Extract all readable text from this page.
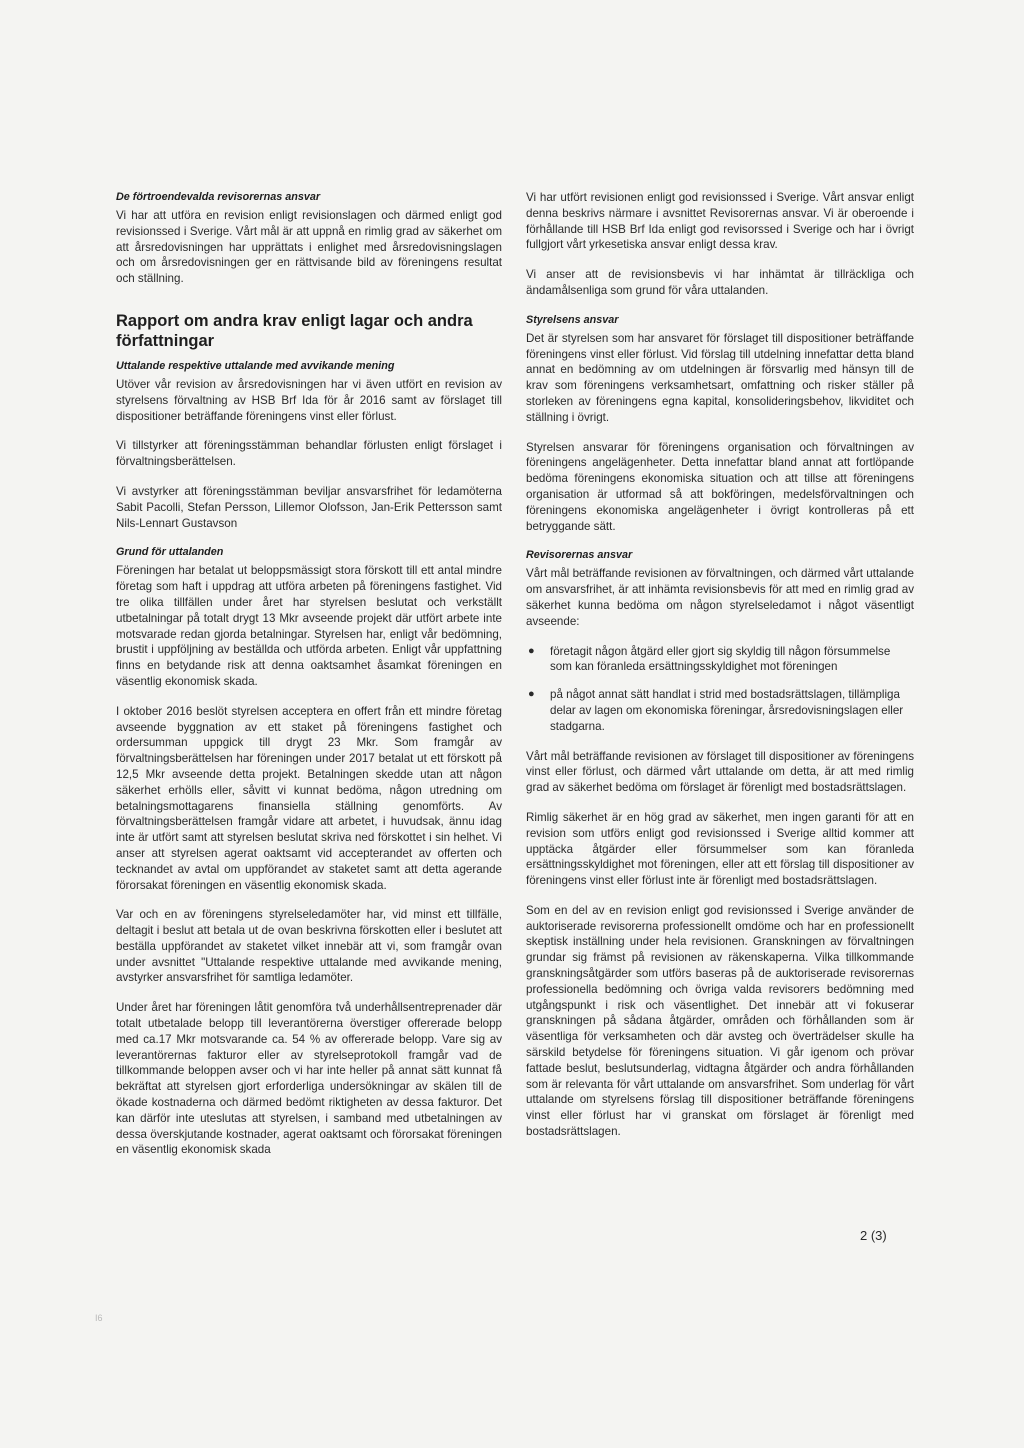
De förtroendevalda revisorernas ansvar

Vi har att utföra en revision enligt revisionslagen och därmed enligt god revisionssed i Sverige. Vårt mål är att uppnå en rimlig grad av säkerhet om att årsredovisningen har upprättats i enlighet med årsredovisningslagen och om årsredovisningen ger en rättvisande bild av föreningens resultat och ställning.

Rapport om andra krav enligt lagar och andra författningar
Uttalande respektive uttalande med avvikande mening

Utöver vår revision av årsredovisningen har vi även utfört en revision av styrelsens förvaltning av HSB Brf Ida för år 2016 samt av förslaget till dispositioner beträffande föreningens vinst eller förlust.

Vi tillstyrker att föreningsstämman behandlar förlusten enligt förslaget i förvaltningsberättelsen.

Vi avstyrker att föreningsstämman beviljar ansvarsfrihet för ledamöterna Sabit Pacolli, Stefan Persson, Lillemor Olofsson, Jan-Erik Pettersson samt Nils-Lennart Gustavson

Grund för uttalanden

Föreningen har betalat ut beloppsmässigt stora förskott till ett antal mindre företag som haft i uppdrag att utföra arbeten på föreningens fastighet. Vid tre olika tillfällen under året har styrelsen beslutat och verkställt utbetalningar på totalt drygt 13 Mkr avseende projekt där utfört arbete inte motsvarade redan gjorda betalningar. Styrelsen har, enligt vår bedömning, brustit i uppföljning av beställda och utförda arbeten. Enligt vår uppfattning finns en betydande risk att denna oaktsamhet åsamkat föreningen en väsentlig ekonomisk skada.

I oktober 2016 beslöt styrelsen acceptera en offert från ett mindre företag avseende byggnation av ett staket på föreningens fastighet och ordersumman uppgick till drygt 23 Mkr. Som framgår av förvaltningsberättelsen har föreningen under 2017 betalat ut ett förskott på 12,5 Mkr avseende detta projekt. Betalningen skedde utan att någon säkerhet erhölls eller, såvitt vi kunnat bedöma, någon utredning om betalningsmottagarens finansiella ställning genomförts. Av förvaltningsberättelsen framgår vidare att arbetet, i huvudsak, ännu idag inte är utfört samt att styrelsen beslutat skriva ned förskottet i sin helhet. Vi anser att styrelsen agerat oaktsamt vid accepterandet av offerten och tecknandet av avtal om uppförandet av staketet samt att detta agerande förorsakat föreningen en väsentlig ekonomisk skada.

Var och en av föreningens styrelseledamöter har, vid minst ett tillfälle, deltagit i beslut att betala ut de ovan beskrivna förskotten eller i beslutet att beställa uppförandet av staketet vilket innebär att vi, som framgår ovan under avsnittet "Uttalande respektive uttalande med avvikande mening, avstyrker ansvarsfrihet för samtliga ledamöter.

Under året har föreningen låtit genomföra två underhållsentreprenader där totalt utbetalade belopp till leverantörerna överstiger offererade belopp med ca.17 Mkr motsvarande ca. 54 % av offererade belopp. Vare sig av leverantörernas fakturor eller av styrelseprotokoll framgår vad de tillkommande beloppen avser och vi har inte heller på annat sätt kunnat få bekräftat att styrelsen gjort erforderliga undersökningar av skälen till de ökade kostnaderna och därmed bedömt riktigheten av dessa fakturor. Det kan därför inte uteslutas att styrelsen, i samband med utbetalningen av dessa överskjutande kostnader, agerat oaktsamt och förorsakat föreningen en väsentlig ekonomisk skada

Vi har utfört revisionen enligt god revisionssed i Sverige. Vårt ansvar enligt denna beskrivs närmare i avsnittet Revisorernas ansvar. Vi är oberoende i förhållande till HSB Brf Ida enligt god revisorssed i Sverige och har i övrigt fullgjort vårt yrkesetiska ansvar enligt dessa krav.

Vi anser att de revisionsbevis vi har inhämtat är tillräckliga och ändamålsenliga som grund för våra uttalanden.

Styrelsens ansvar

Det är styrelsen som har ansvaret för förslaget till dispositioner beträffande föreningens vinst eller förlust. Vid förslag till utdelning innefattar detta bland annat en bedömning av om utdelningen är försvarlig med hänsyn till de krav som föreningens verksamhetsart, omfattning och risker ställer på storleken av föreningens egna kapital, konsolideringsbehov, likviditet och ställning i övrigt.

Styrelsen ansvarar för föreningens organisation och förvaltningen av föreningens angelägenheter. Detta innefattar bland annat att fortlöpande bedöma föreningens ekonomiska situation och att tillse att föreningens organisation är utformad så att bokföringen, medelsförvaltningen och föreningens ekonomiska angelägenheter i övrigt kontrolleras på ett betryggande sätt.

Revisorernas ansvar

Vårt mål beträffande revisionen av förvaltningen, och därmed vårt uttalande om ansvarsfrihet, är att inhämta revisionsbevis för att med en rimlig grad av säkerhet kunna bedöma om någon styrelseledamot i något väsentligt avseende:

● företagit någon åtgärd eller gjort sig skyldig till någon försummelse som kan föranleda ersättningsskyldighet mot föreningen
● på något annat sätt handlat i strid med bostadsrättslagen, tillämpliga delar av lagen om ekonomiska föreningar, årsredovisningslagen eller stadgarna.

Vårt mål beträffande revisionen av förslaget till dispositioner av föreningens vinst eller förlust, och därmed vårt uttalande om detta, är att med rimlig grad av säkerhet bedöma om förslaget är förenligt med bostadsrättslagen.

Rimlig säkerhet är en hög grad av säkerhet, men ingen garanti för att en revision som utförs enligt god revisionssed i Sverige alltid kommer att upptäcka åtgärder eller försummelser som kan föranleda ersättningsskyldighet mot föreningen, eller att ett förslag till dispositioner av föreningens vinst eller förlust inte är förenligt med bostadsrättslagen.

Som en del av en revision enligt god revisionssed i Sverige använder de auktoriserade revisorerna professionellt omdöme och har en professionellt skeptisk inställning under hela revisionen. Granskningen av förvaltningen grundar sig främst på revisionen av räkenskaperna. Vilka tillkommande granskningsåtgärder som utförs baseras på de auktoriserade revisorernas professionella bedömning och övriga valda revisorers bedömning med utgångspunkt i risk och väsentlighet. Det innebär att vi fokuserar granskningen på sådana åtgärder, områden och förhållanden som är väsentliga för verksamheten och där avsteg och överträdelser skulle ha särskild betydelse för föreningens situation. Vi går igenom och prövar fattade beslut, beslutsunderlag, vidtagna åtgärder och andra förhållanden som är relevanta för vårt uttalande om ansvarsfrihet. Som underlag för vårt uttalande om styrelsens förslag till dispositioner beträffande föreningens vinst eller förlust har vi granskat om förslaget är förenligt med bostadsrättslagen.

I6
2 (3)
